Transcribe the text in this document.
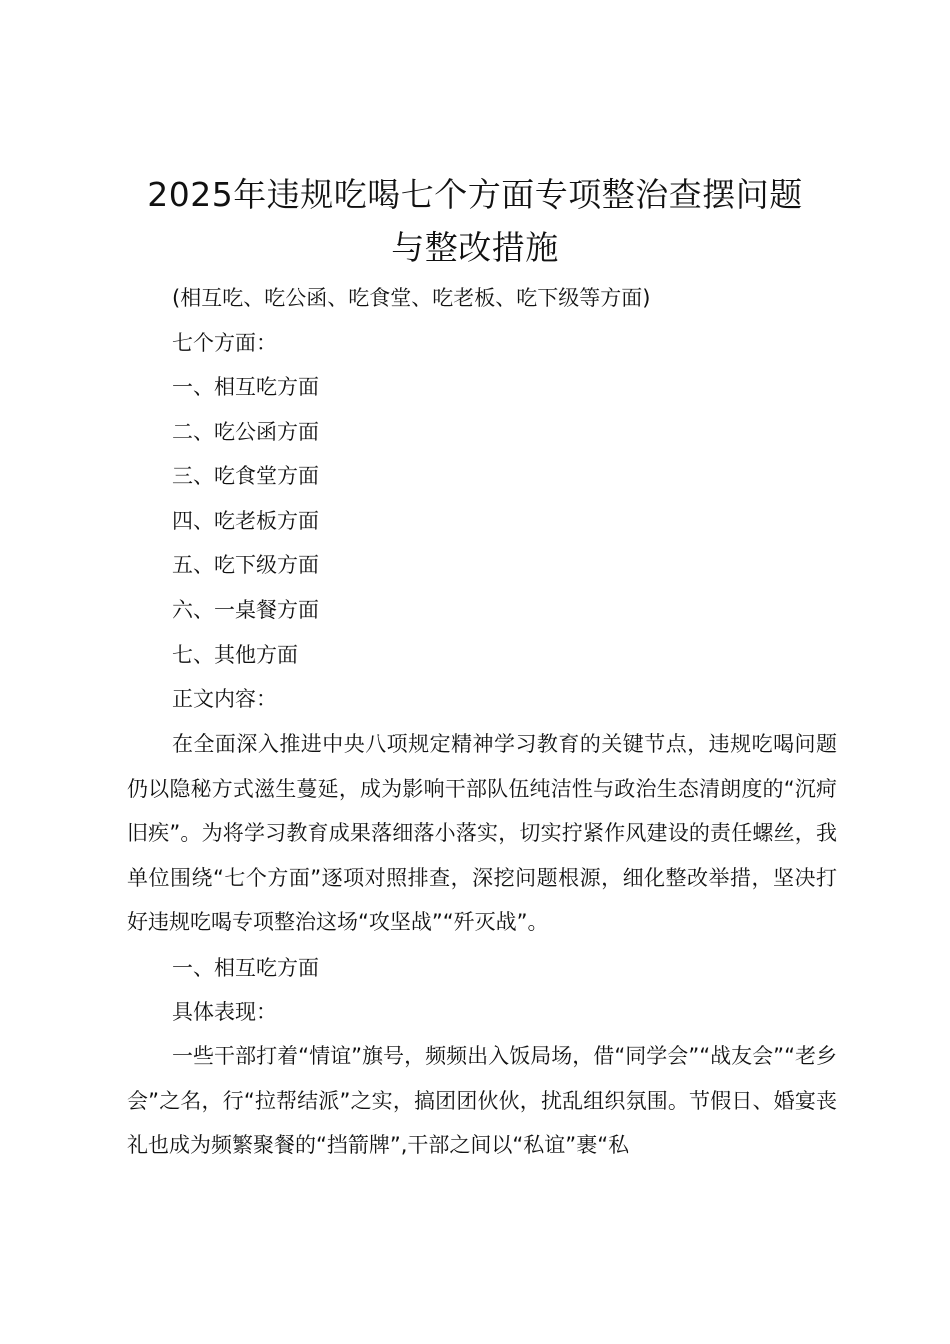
2025年违规吃喝七个方面专项整治查摆问题
与整改措施

(相互吃、吃公函、吃食堂、吃老板、吃下级等方面)

七个方面：

一、相互吃方面

二、吃公函方面

三、吃食堂方面

四、吃老板方面

五、吃下级方面

六、一桌餐方面

七、其他方面

正文内容：

在全面深入推进中央八项规定精神学习教育的关键节点，违规吃喝问题仍以隐秘方式滋生蔓延，成为影响干部队伍纯洁性与政治生态清朗度的“沉疴旧疾”。为将学习教育成果落细落小落实，切实拧紧作风建设的责任螺丝，我单位围绕“七个方面”逐项对照排查，深挖问题根源，细化整改举措，坚决打好违规吃喝专项整治这场“攻坚战”“歼灭战”。

一、相互吃方面

具体表现：

一些干部打着“情谊”旗号，频频出入饭局场，借“同学会”“战友会”“老乡会”之名，行“拉帮结派”之实，搞团团伙伙，扰乱组织氛围。节假日、婚宴丧礼也成为频繁聚餐的“挡箭牌”,干部之间以“私谊”裹“私
